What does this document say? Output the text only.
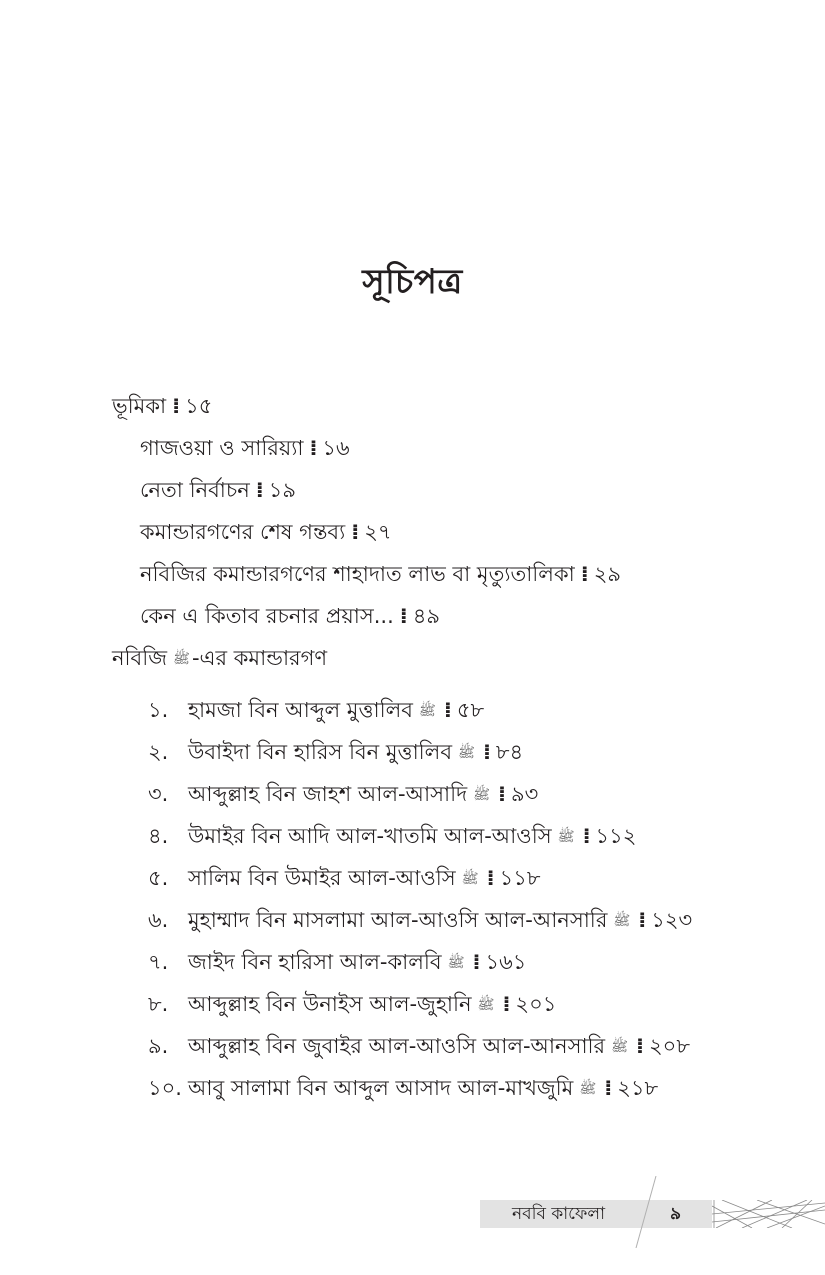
সূচিপত্র
ভূমিকা ⁞ ১৫
গাজওয়া ও সারিয়্যা ⁞ ১৬
নেতা নির্বাচন ⁞ ১৯
কমান্ডারগণের শেষ গন্তব্য ⁞ ২৭
নবিজির কমান্ডারগণের শাহাদাত লাভ বা মৃত্যুতালিকা ⁞ ২৯
কেন এ কিতাব রচনার প্রয়াস... ⁞ ৪৯
নবিজি ﷺ-এর কমান্ডারগণ
১. হামজা বিন আব্দুল মুত্তালিব ﷺ ⁞ ৫৮
২. উবাইদা বিন হারিস বিন মুত্তালিব ﷺ ⁞ ৮৪
৩. আব্দুল্লাহ বিন জাহশ আল-আসাদি ﷺ ⁞ ৯৩
৪. উমাইর বিন আদি আল-খাতমি আল-আওসি ﷺ ⁞ ১১২
৫. সালিম বিন উমাইর আল-আওসি ﷺ ⁞ ১১৮
৬. মুহাম্মাদ বিন মাসলামা আল-আওসি আল-আনসারি ﷺ ⁞ ১২৩
৭. জাইদ বিন হারিসা আল-কালবি ﷺ ⁞ ১৬১
৮. আব্দুল্লাহ বিন উনাইস আল-জুহানি ﷺ ⁞ ২০১
৯. আব্দুল্লাহ বিন জুবাইর আল-আওসি আল-আনসারি ﷺ ⁞ ২০৮
১০. আবু সালামা বিন আব্দুল আসাদ আল-মাখজুমি ﷺ ⁞ ২১৮
নববি কাফেলা	৯
